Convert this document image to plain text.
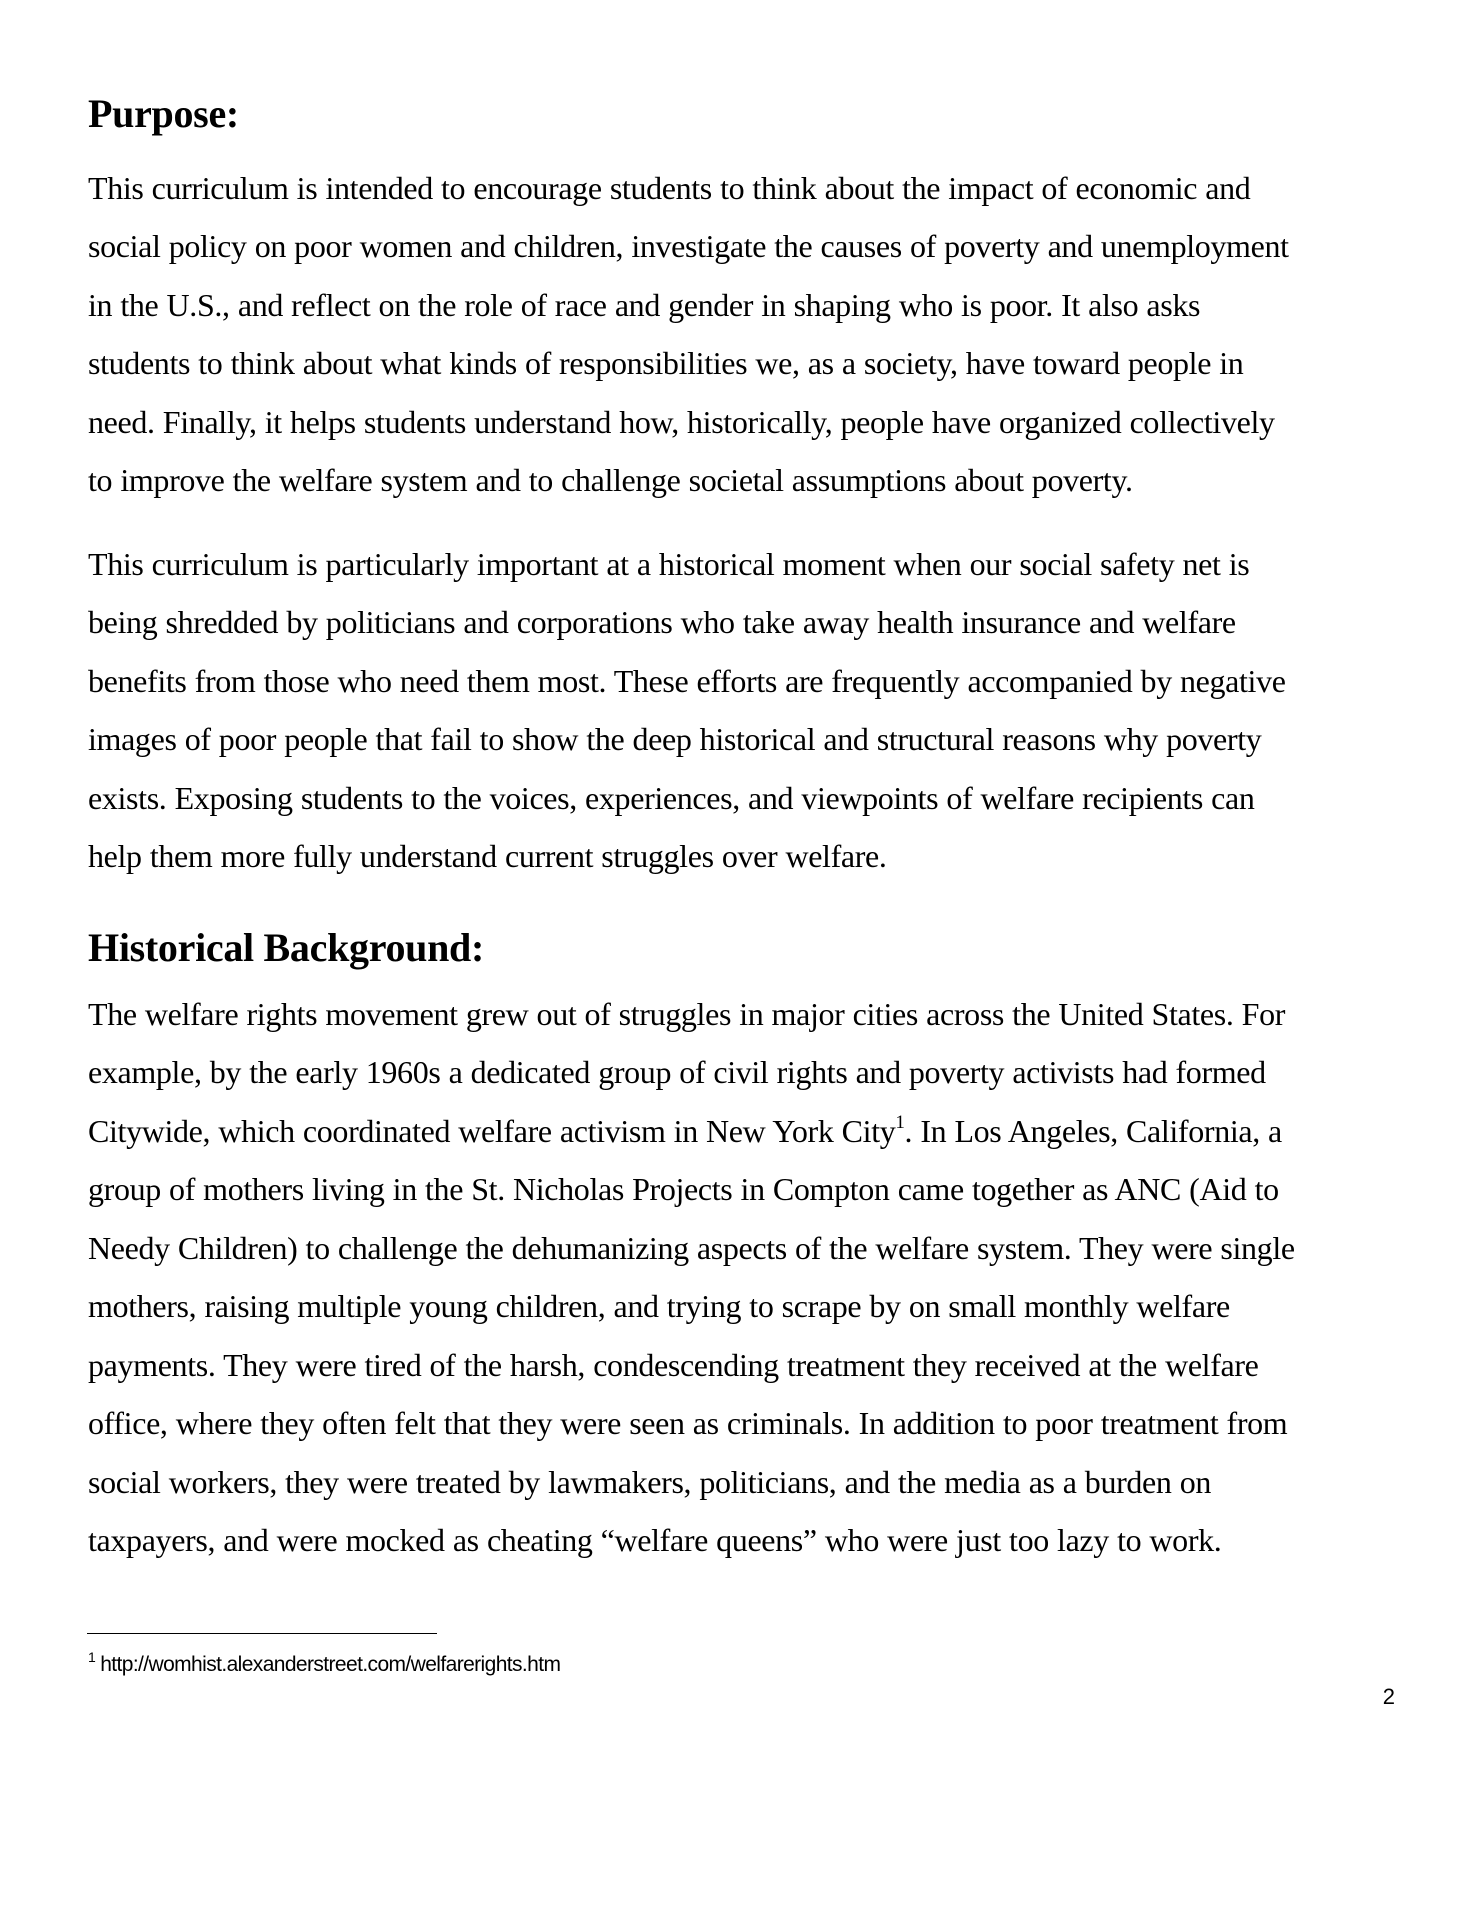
Purpose:
This curriculum is intended to encourage students to think about the impact of economic and
social policy on poor women and children, investigate the causes of poverty and unemployment
in the U.S., and reflect on the role of race and gender in shaping who is poor. It also asks
students to think about what kinds of responsibilities we, as a society, have toward people in
need. Finally, it helps students understand how, historically, people have organized collectively
to improve the welfare system and to challenge societal assumptions about poverty.
This curriculum is particularly important at a historical moment when our social safety net is
being shredded by politicians and corporations who take away health insurance and welfare
benefits from those who need them most. These efforts are frequently accompanied by negative
images of poor people that fail to show the deep historical and structural reasons why poverty
exists. Exposing students to the voices, experiences, and viewpoints of welfare recipients can
help them more fully understand current struggles over welfare.
Historical Background:
The welfare rights movement grew out of struggles in major cities across the United States. For
example, by the early 1960s a dedicated group of civil rights and poverty activists had formed
Citywide, which coordinated welfare activism in New York City$^1$. In Los Angeles, California, a
group of mothers living in the St. Nicholas Projects in Compton came together as ANC (Aid to
Needy Children) to challenge the dehumanizing aspects of the welfare system. They were single
mothers, raising multiple young children, and trying to scrape by on small monthly welfare
payments. They were tired of the harsh, condescending treatment they received at the welfare
office, where they often felt that they were seen as criminals. In addition to poor treatment from
social workers, they were treated by lawmakers, politicians, and the media as a burden on
taxpayers, and were mocked as cheating “welfare queens” who were just too lazy to work.
$^1$ http://womhist.alexanderstreet.com/welfarerights.htm
2
